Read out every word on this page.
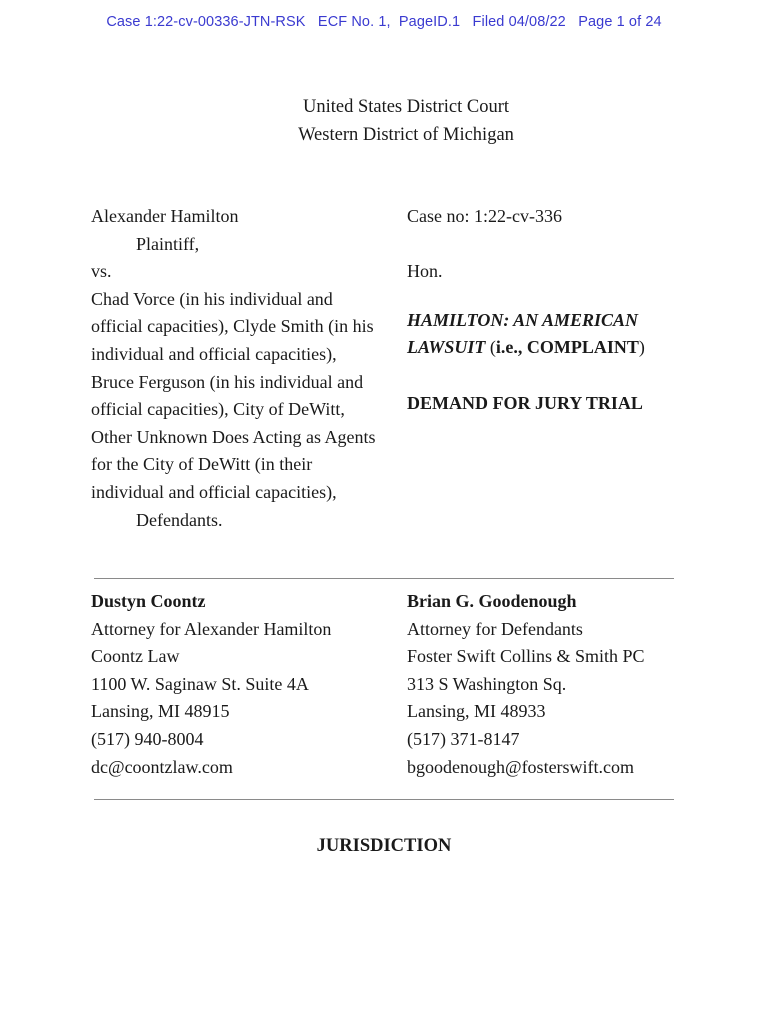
Case 1:22-cv-00336-JTN-RSK   ECF No. 1,  PageID.1   Filed 04/08/22   Page 1 of 24
United States District Court
Western District of Michigan
Alexander Hamilton
Plaintiff,
vs.
Chad Vorce (in his individual and official capacities), Clyde Smith (in his individual and official capacities), Bruce Ferguson (in his individual and official capacities), City of DeWitt, Other Unknown Does Acting as Agents for the City of DeWitt (in their individual and official capacities),
Defendants.
Case no: 1:22-cv-336
Hon.
HAMILTON: AN AMERICAN LAWSUIT (i.e., COMPLAINT)
DEMAND FOR JURY TRIAL
Dustyn Coontz
Attorney for Alexander Hamilton
Coontz Law
1100 W. Saginaw St. Suite 4A
Lansing, MI 48915
(517) 940-8004
dc@coontzlaw.com
Brian G. Goodenough
Attorney for Defendants
Foster Swift Collins & Smith PC
313 S Washington Sq.
Lansing, MI 48933
(517) 371-8147
bgoodenough@fosterswift.com
JURISDICTION
